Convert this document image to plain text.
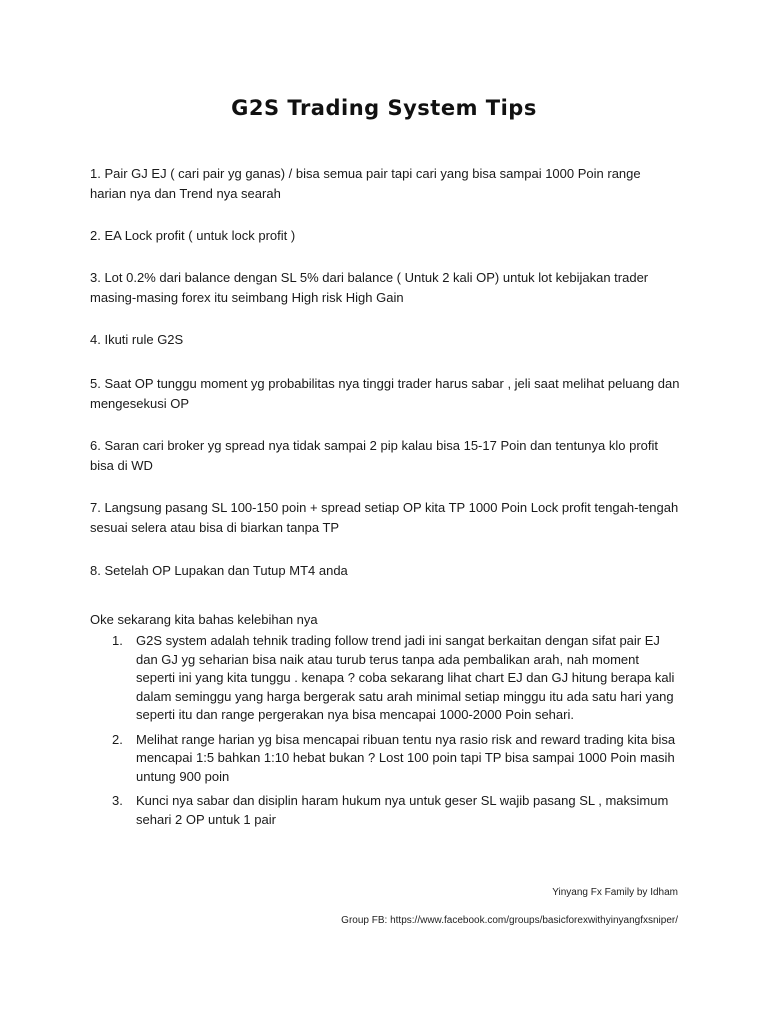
G2S Trading System Tips
1. Pair GJ EJ ( cari pair yg ganas) / bisa semua pair tapi cari yang bisa sampai 1000 Poin range harian nya dan Trend nya searah
2. EA Lock profit ( untuk lock profit )
3. Lot 0.2% dari balance dengan SL 5% dari balance ( Untuk 2 kali OP) untuk lot kebijakan trader masing-masing forex itu seimbang High risk High Gain
4. Ikuti rule G2S
5. Saat OP tunggu moment yg probabilitas nya tinggi trader harus sabar , jeli saat melihat peluang dan mengesekusi OP
6. Saran cari broker yg spread nya tidak sampai 2 pip kalau bisa 15-17 Poin dan tentunya klo profit bisa di WD
7. Langsung pasang SL 100-150 poin + spread setiap OP kita TP 1000 Poin Lock profit tengah-tengah sesuai selera atau bisa di biarkan tanpa TP
8. Setelah OP Lupakan dan Tutup MT4 anda
Oke sekarang kita bahas kelebihan nya
1. G2S system adalah tehnik trading follow trend jadi ini sangat berkaitan dengan sifat pair EJ dan GJ yg seharian bisa naik atau turub terus tanpa ada pembalikan arah, nah moment seperti ini yang kita tunggu . kenapa ? coba sekarang lihat chart EJ dan GJ hitung berapa kali dalam seminggu yang harga bergerak satu arah minimal setiap minggu itu ada satu hari yang seperti itu dan range pergerakan nya bisa mencapai 1000-2000 Poin sehari.
2. Melihat range harian yg bisa mencapai ribuan tentu nya rasio risk and reward trading kita bisa mencapai 1:5 bahkan 1:10 hebat bukan ? Lost 100 poin tapi TP bisa sampai 1000 Poin masih untung 900 poin
3. Kunci nya sabar dan disiplin haram hukum nya untuk geser SL wajib pasang SL , maksimum sehari 2 OP untuk 1 pair
Yinyang Fx Family by Idham
Group FB: https://www.facebook.com/groups/basicforexwithyinyangfxsniper/
